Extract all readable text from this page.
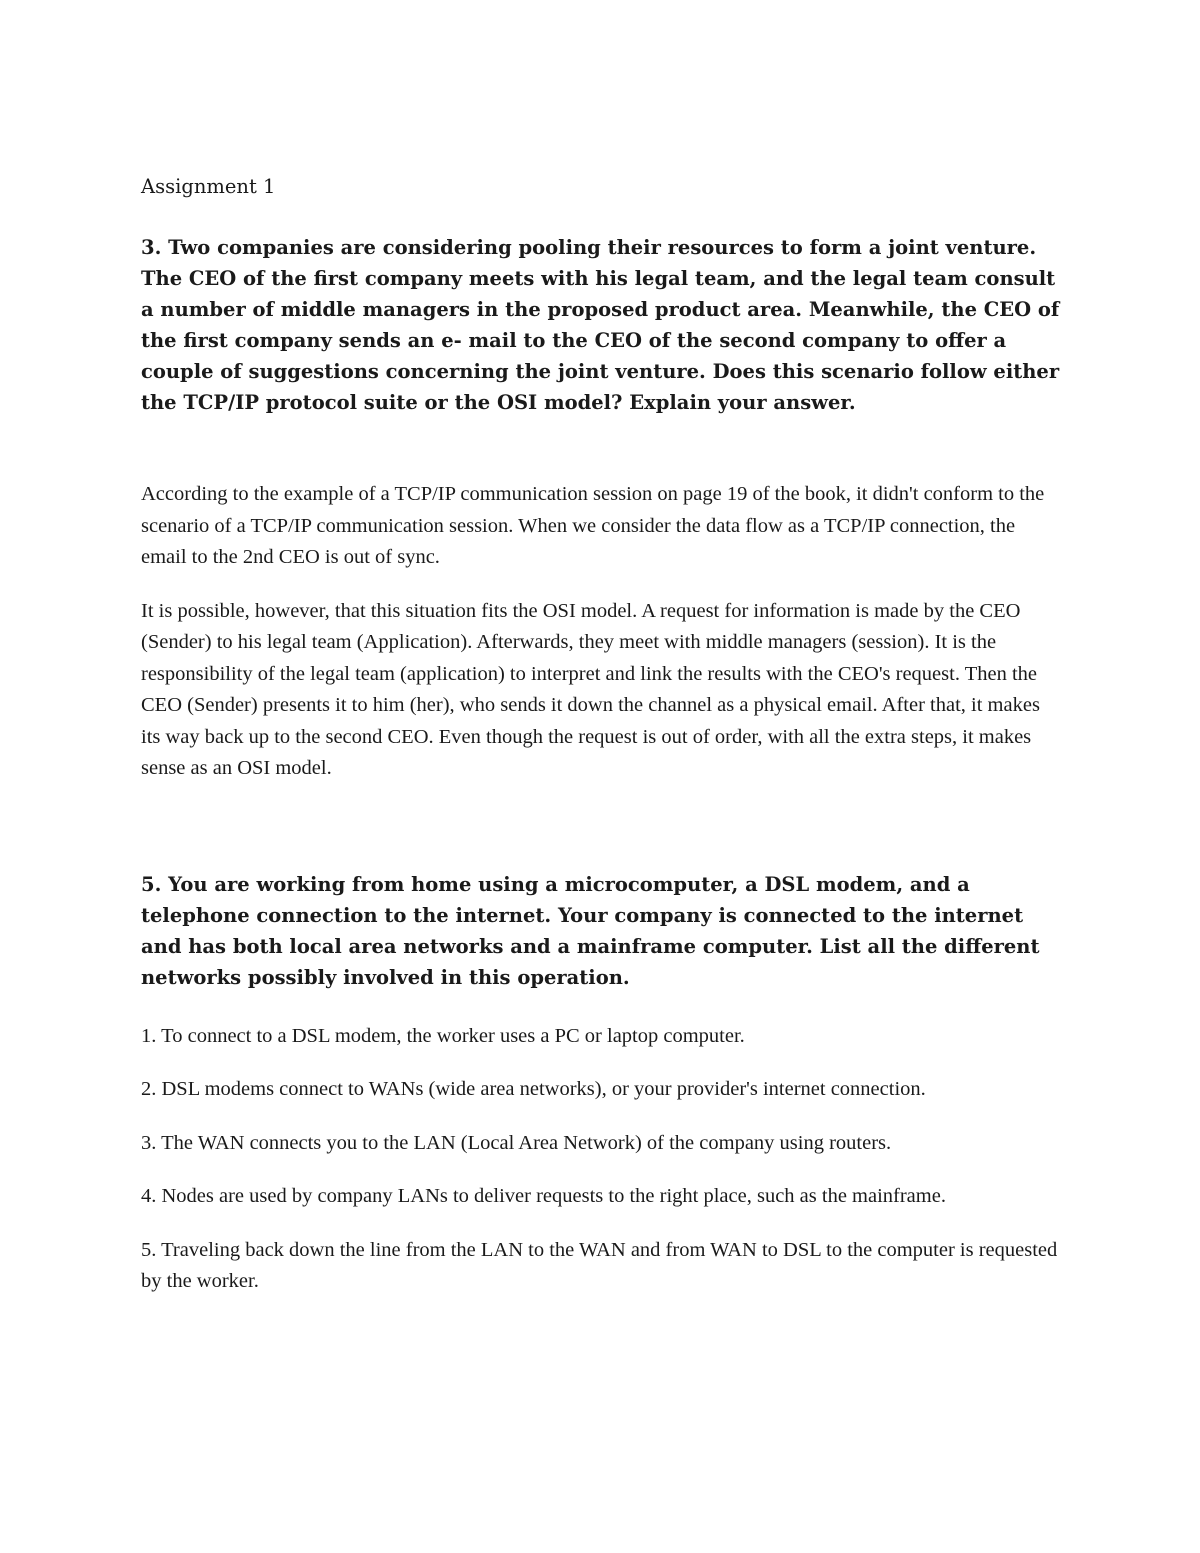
Assignment 1

3. Two companies are considering pooling their resources to form a joint venture. The CEO of the first company meets with his legal team, and the legal team consult a number of middle managers in the proposed product area. Meanwhile, the CEO of the first company sends an e- mail to the CEO of the second company to offer a couple of suggestions concerning the joint venture. Does this scenario follow either the TCP/IP protocol suite or the OSI model? Explain your answer.

According to the example of a TCP/IP communication session on page 19 of the book, it didn't conform to the scenario of a TCP/IP communication session. When we consider the data flow as a TCP/IP connection, the email to the 2nd CEO is out of sync.

It is possible, however, that this situation fits the OSI model. A request for information is made by the CEO (Sender) to his legal team (Application). Afterwards, they meet with middle managers (session). It is the responsibility of the legal team (application) to interpret and link the results with the CEO's request. Then the CEO (Sender) presents it to him (her), who sends it down the channel as a physical email. After that, it makes its way back up to the second CEO. Even though the request is out of order, with all the extra steps, it makes sense as an OSI model.

5. You are working from home using a microcomputer, a DSL modem, and a telephone connection to the internet. Your company is connected to the internet and has both local area networks and a mainframe computer. List all the different networks possibly involved in this operation.

1. To connect to a DSL modem, the worker uses a PC or laptop computer.

2. DSL modems connect to WANs (wide area networks), or your provider's internet connection.

3. The WAN connects you to the LAN (Local Area Network) of the company using routers.

4. Nodes are used by company LANs to deliver requests to the right place, such as the mainframe.

5. Traveling back down the line from the LAN to the WAN and from WAN to DSL to the computer is requested by the worker.
